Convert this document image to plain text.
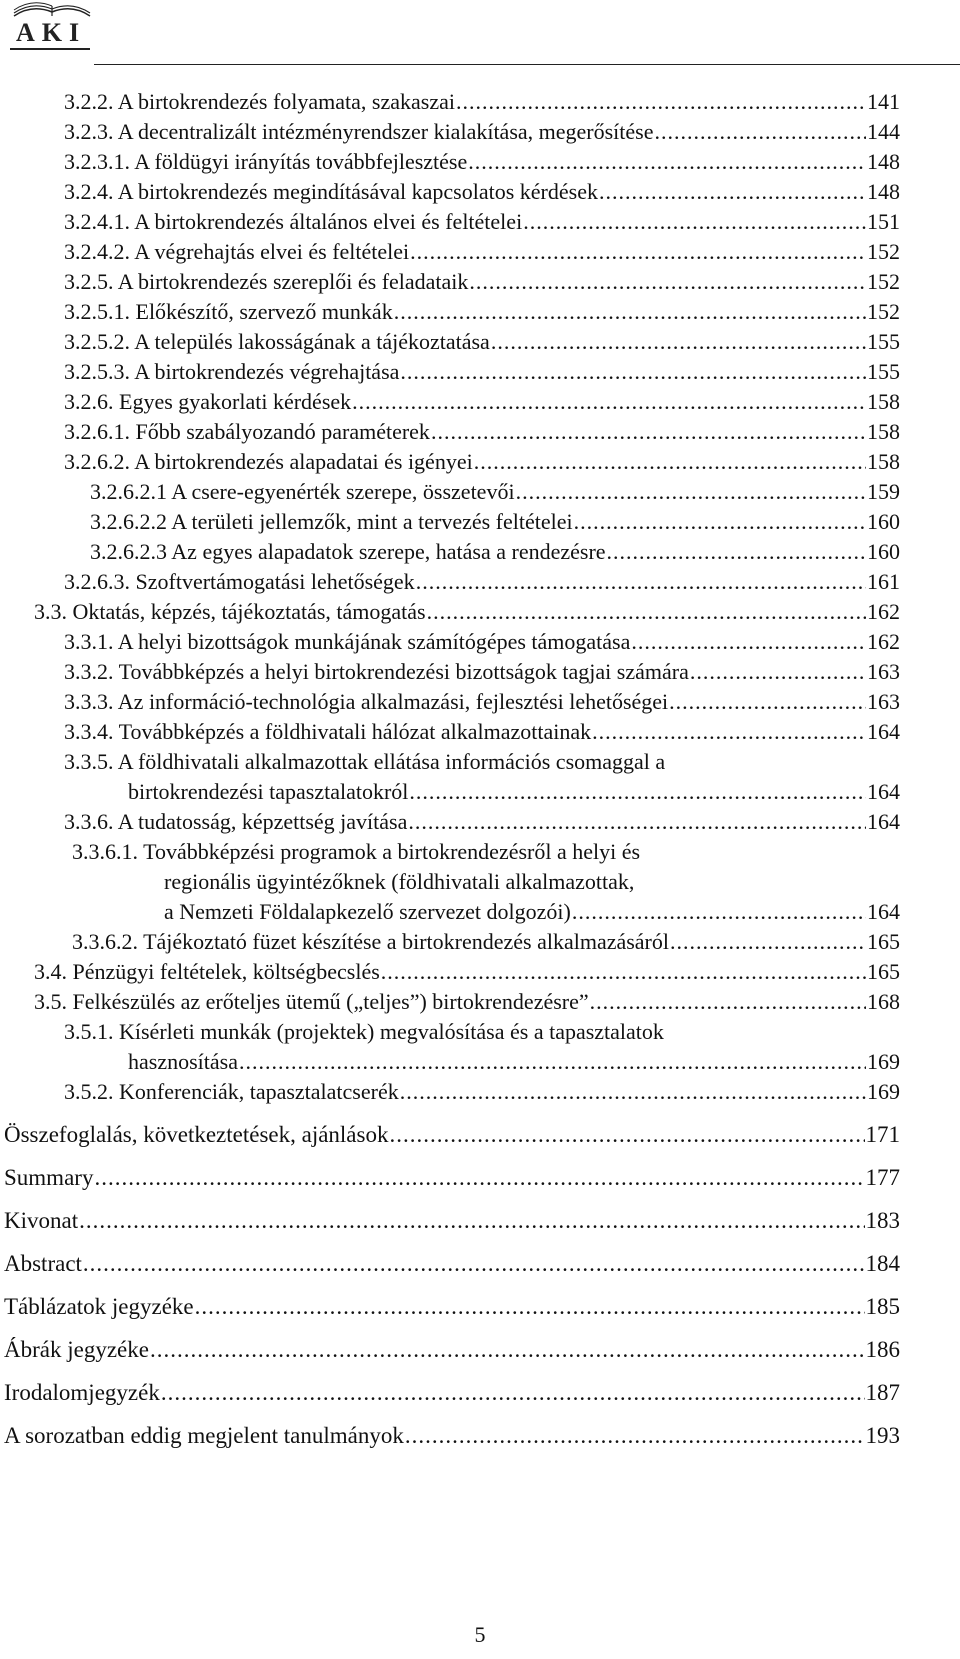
AKI
3.2.2. A birtokrendezés folyamata, szakaszai .....	141
3.2.3. A decentralizált intézményrendszer kialakítása, megerősítése .....	144
3.2.3.1. A földügyi irányítás továbbfejlesztése .....	148
3.2.4. A birtokrendezés megindításával kapcsolatos kérdések .....	148
3.2.4.1. A birtokrendezés általános elvei és feltételei .....	151
3.2.4.2. A végrehajtás elvei és feltételei .....	152
3.2.5. A birtokrendezés szereplői és feladataik .....	152
3.2.5.1. Előkészítő, szervező munkák .....	152
3.2.5.2. A település lakosságának a tájékoztatása .....	155
3.2.5.3. A birtokrendezés végrehajtása .....	155
3.2.6. Egyes gyakorlati kérdések .....	158
3.2.6.1. Főbb szabályozandó paraméterek .....	158
3.2.6.2. A birtokrendezés alapadatai és igényei .....	158
3.2.6.2.1 A csere-egyenérték szerepe, összetevői .....	159
3.2.6.2.2 A területi jellemzők, mint a tervezés feltételei .....	160
3.2.6.2.3 Az egyes alapadatok szerepe, hatása a rendezésre .....	160
3.2.6.3. Szoftvertámogatási lehetőségek .....	161
3.3. Oktatás, képzés, tájékoztatás, támogatás .....	162
3.3.1. A helyi bizottságok munkájának számítógépes támogatása .....	162
3.3.2. Továbbképzés a helyi birtokrendezési bizottságok tagjai számára .....	163
3.3.3. Az információ-technológia alkalmazási, fejlesztési lehetőségei .....	163
3.3.4. Továbbképzés a földhivatali hálózat alkalmazottainak .....	164
3.3.5. A földhivatali alkalmazottak ellátása információs csomaggal a
birtokrendezési tapasztalatokról .....	164
3.3.6. A tudatosság, képzettség javítása .....	164
3.3.6.1. Továbbképzési programok a birtokrendezésről a helyi és
regionális ügyintézőknek (földhivatali alkalmazottak,
a Nemzeti Földalapkezelő szervezet dolgozói) .....	164
3.3.6.2. Tájékoztató füzet készítése a birtokrendezés alkalmazásáról .....	165
3.4. Pénzügyi feltételek, költségbecslés .....	165
3.5. Felkészülés az erőteljes ütemű („teljes”) birtokrendezésre” .....	168
3.5.1. Kísérleti munkák (projektek) megvalósítása és a tapasztalatok
hasznosítása .....	169
3.5.2. Konferenciák, tapasztalatcserék .....	169
Összefoglalás, következtetések, ajánlások .....	171
Summary .....	177
Kivonat .....	183
Abstract .....	184
Táblázatok jegyzéke .....	185
Ábrák jegyzéke .....	186
Irodalomjegyzék .....	187
A sorozatban eddig megjelent tanulmányok .....	193
5
